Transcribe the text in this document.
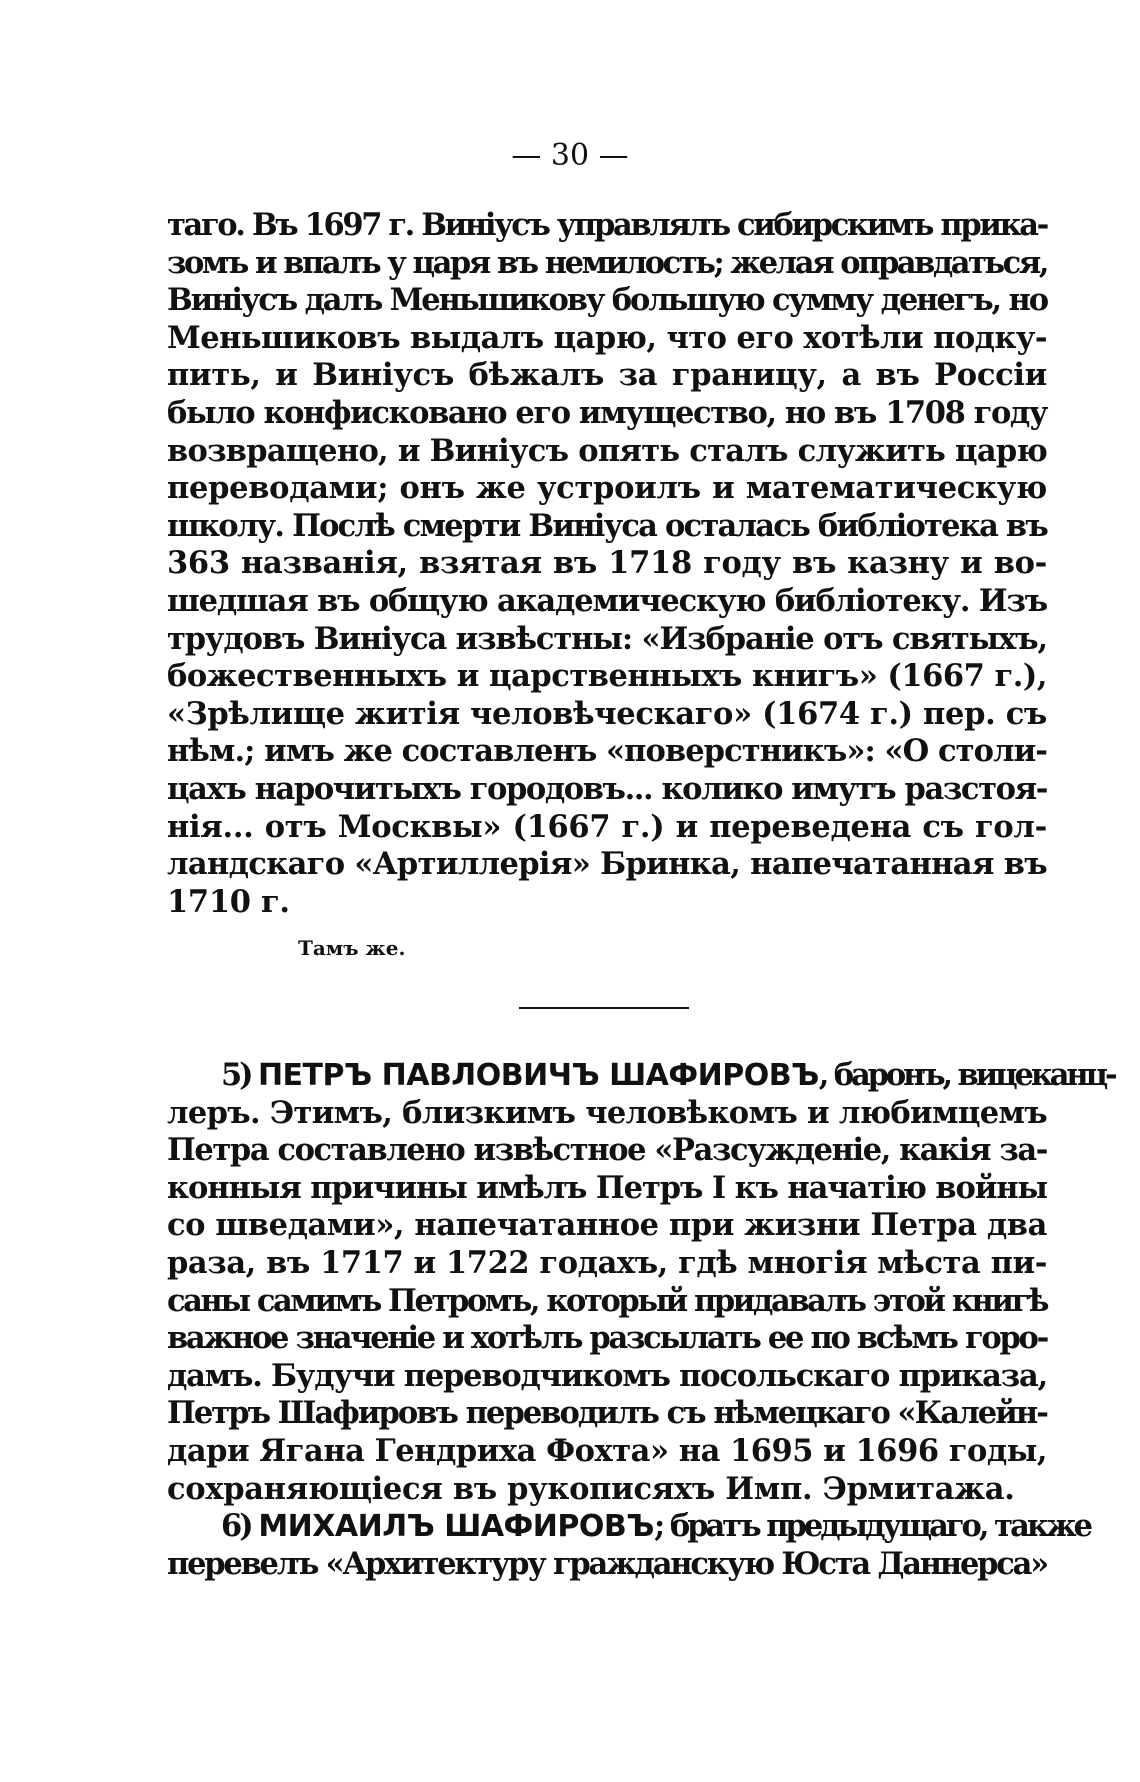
— 30 —
таго. Въ 1697 г. Виніусъ управлялъ сибирскимъ прика-
зомъ и впалъ у царя въ немилость; желая оправдаться,
Виніусъ далъ Меньшикову большую сумму денегъ, но
Меньшиковъ выдалъ царю, что его хотѣли подку-
пить, и Виніусъ бѣжалъ за границу, а въ Россіи
было конфисковано его имущество, но въ 1708 году
возвращено, и Виніусъ опять сталъ служить царю
переводами; онъ же устроилъ и математическую
школу. Послѣ смерти Виніуса осталась библіотека въ
363 названія, взятая въ 1718 году въ казну и во-
шедшая въ общую академическую библіотеку. Изъ
трудовъ Виніуса извѣстны: «Избраніе отъ святыхъ,
божественныхъ и царственныхъ книгъ» (1667 г.),
«Зрѣлище житія человѣческаго» (1674 г.) пер. съ
нѣм.; имъ же составленъ «поверстникъ»: «О столи-
цахъ нарочитыхъ городовъ... колико имутъ разстоя-
нія... отъ Москвы» (1667 г.) и переведена съ гол-
ландскаго «Артиллерія» Бринка, напечатанная въ
1710 г.
Тамъ же.
5) ПЕТРЪ ПАВЛОВИЧЪ ШАФИРОВЪ, баронъ, вицеканц-
леръ. Этимъ, близкимъ человѣкомъ и любимцемъ
Петра составлено извѣстное «Разсужденіе, какія за-
конныя причины имѣлъ Петръ I къ начатію войны
со шведами», напечатанное при жизни Петра два
раза, въ 1717 и 1722 годахъ, гдѣ многія мѣста пи-
саны самимъ Петромъ, который придавалъ этой книгѣ
важное значеніе и хотѣлъ разсылать ее по всѣмъ горо-
дамъ. Будучи переводчикомъ посольскаго приказа,
Петръ Шафировъ переводилъ съ нѣмецкаго «Калейн-
дари Ягана Гендриха Фохта» на 1695 и 1696 годы,
сохраняющіеся въ рукописяхъ Имп. Эрмитажа.
6) МИХАИЛЪ ШАФИРОВЪ; братъ предыдущаго, также
перевелъ «Архитектуру гражданскую Юста Даннерса»
